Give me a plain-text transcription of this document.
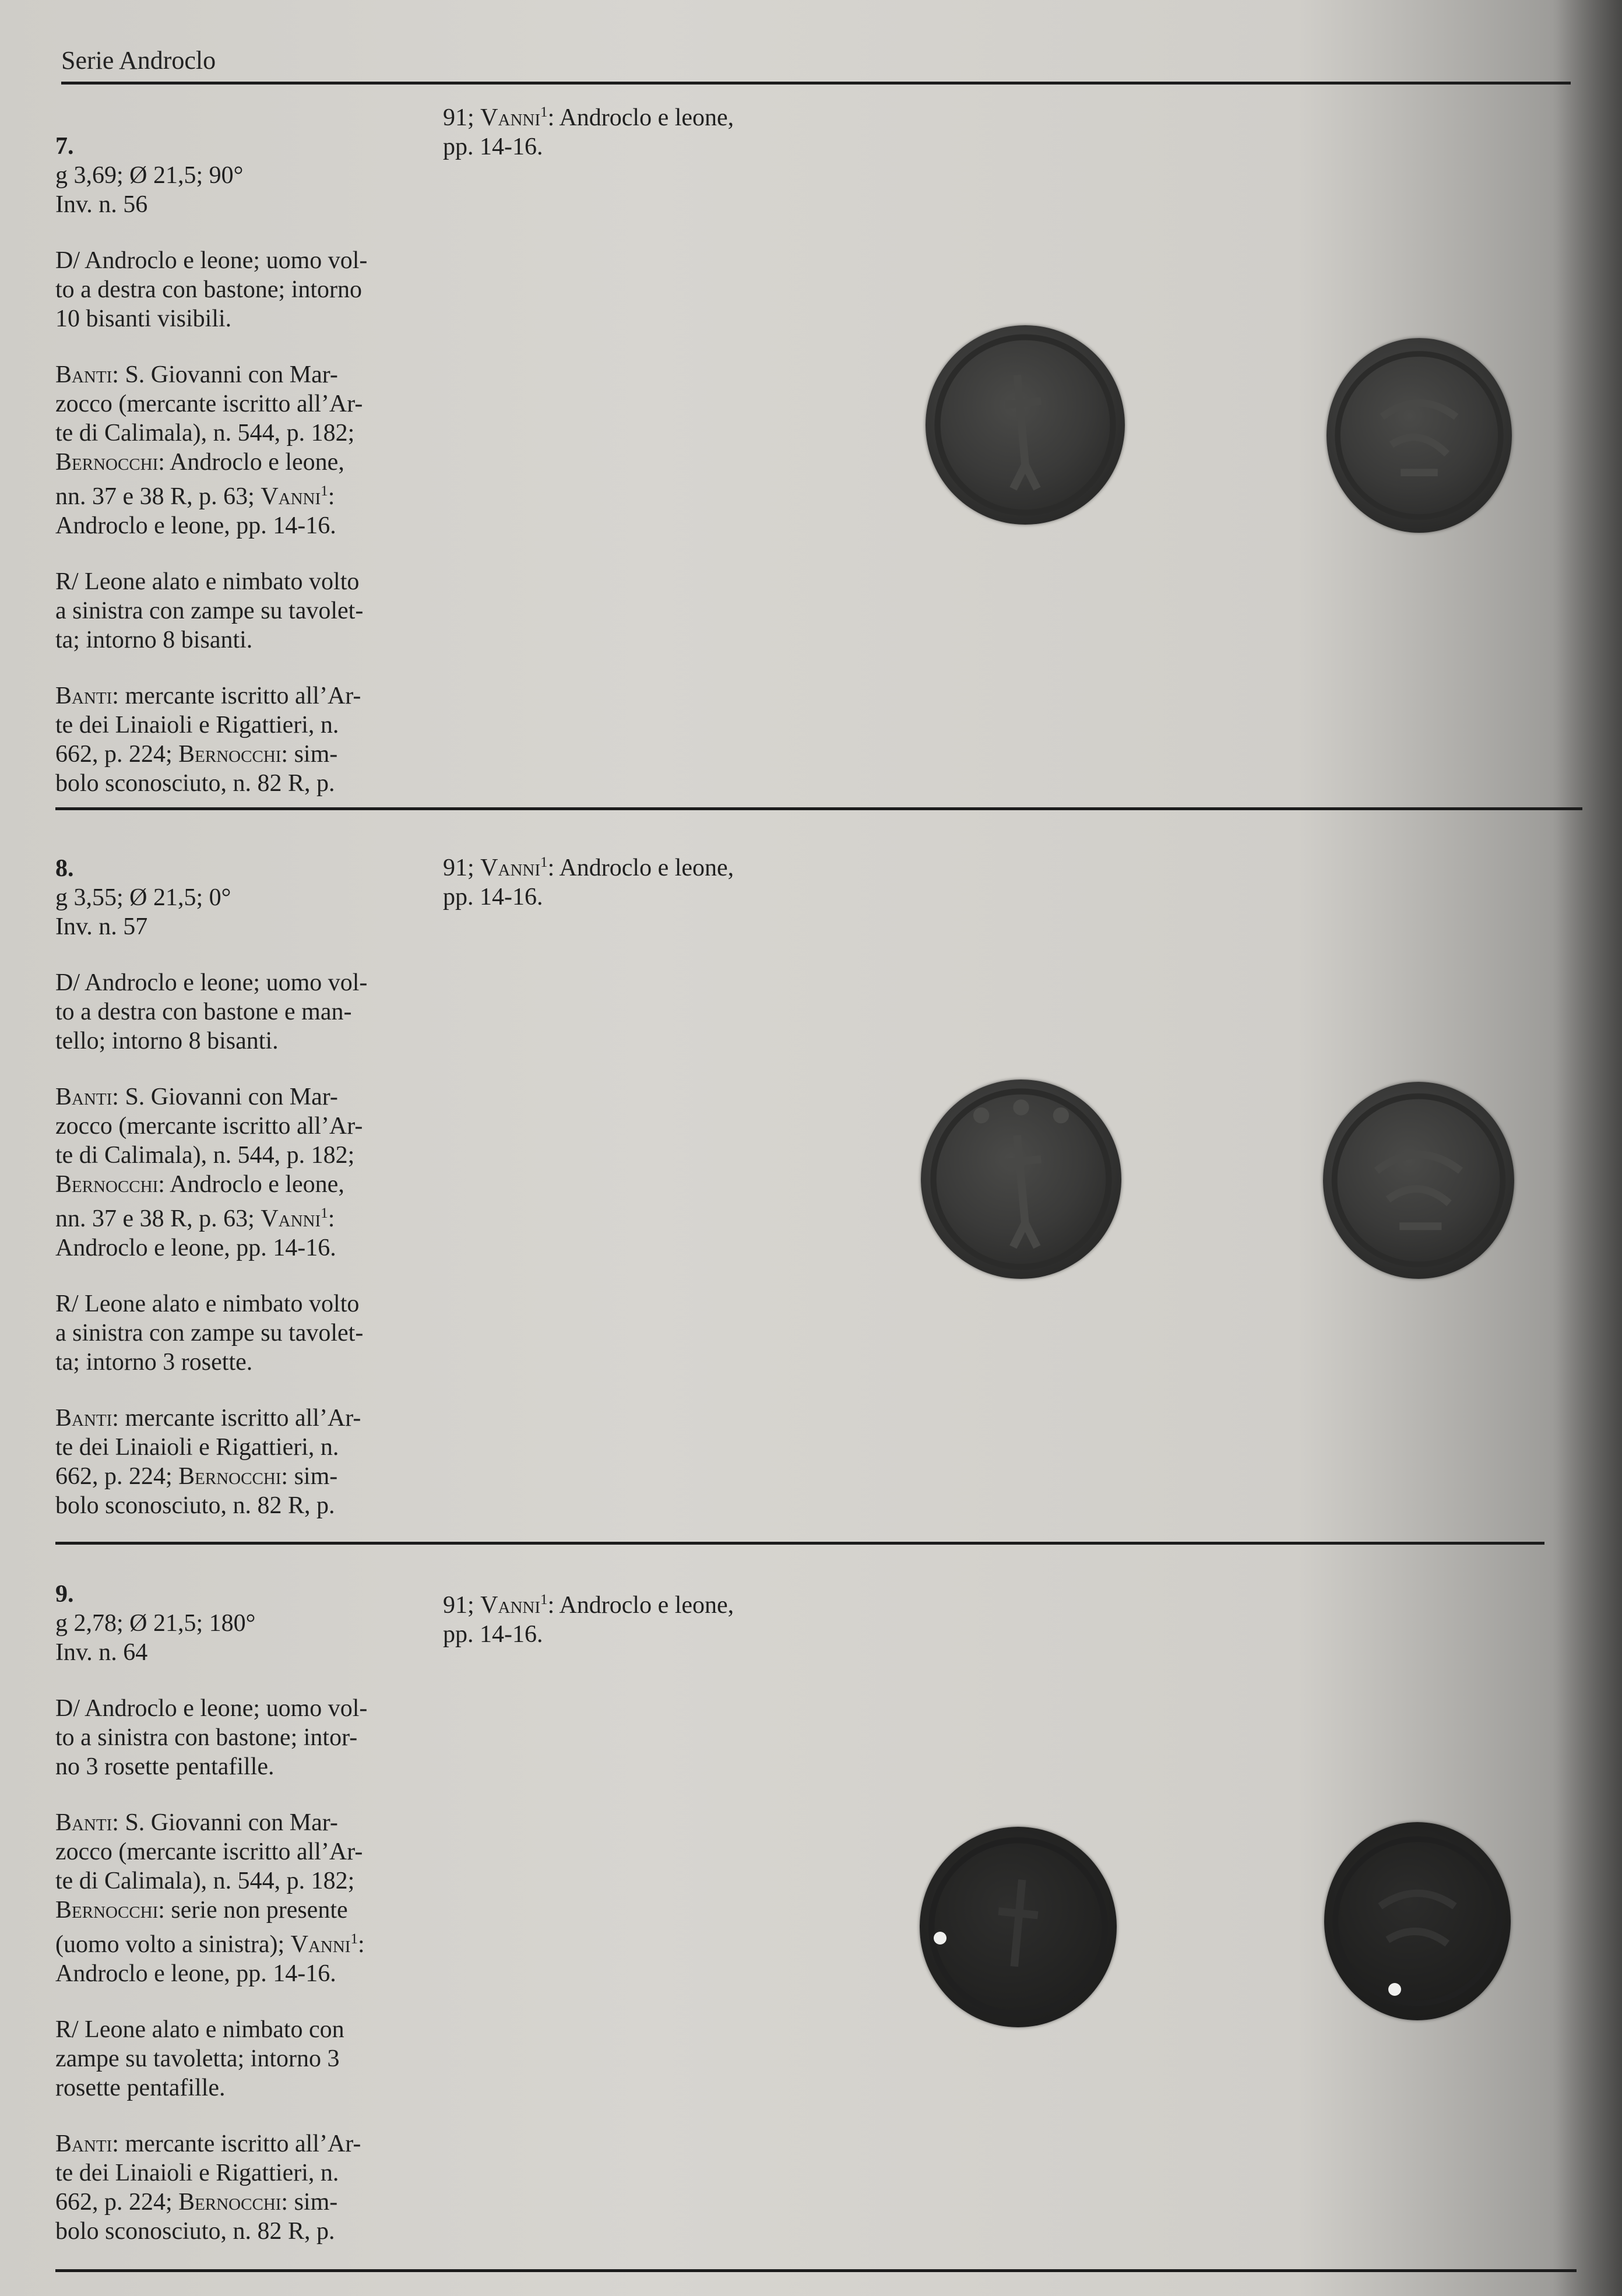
Serie Androclo

7.

g 3,69; Ø 21,5; 90°

Inv. n. 56

D/ Androclo e leone; uomo vol-

to a destra con bastone; intorno

10 bisanti visibili.

Banti: S. Giovanni con Mar-

zocco (mercante iscritto all’Ar-

te di Calimala), n. 544, p. 182;

Bernocchi: Androclo e leone,

nn. 37 e 38 R, p. 63; Vanni$^1$:

Androclo e leone, pp. 14-16.

R/ Leone alato e nimbato volto

a sinistra con zampe su tavolet-

ta; intorno 8 bisanti.

Banti: mercante iscritto all’Ar-

te dei Linaioli e Rigattieri, n.

662, p. 224; Bernocchi: sim-

bolo sconosciuto, n. 82 R, p.

91; Vanni$^1$: Androclo e leone,

pp. 14-16.

8.

g 3,55; Ø 21,5; 0°

Inv. n. 57

D/ Androclo e leone; uomo vol-

to a destra con bastone e man-

tello; intorno 8 bisanti.

Banti: S. Giovanni con Mar-

zocco (mercante iscritto all’Ar-

te di Calimala), n. 544, p. 182;

Bernocchi: Androclo e leone,

nn. 37 e 38 R, p. 63; Vanni$^1$:

Androclo e leone, pp. 14-16.

R/ Leone alato e nimbato volto

a sinistra con zampe su tavolet-

ta; intorno 3 rosette.

Banti: mercante iscritto all’Ar-

te dei Linaioli e Rigattieri, n.

662, p. 224; Bernocchi: sim-

bolo sconosciuto, n. 82 R, p.

91; Vanni$^1$: Androclo e leone,

pp. 14-16.

9.

g 2,78; Ø 21,5; 180°

Inv. n. 64

D/ Androclo e leone; uomo vol-

to a sinistra con bastone; intor-

no 3 rosette pentafille.

Banti: S. Giovanni con Mar-

zocco (mercante iscritto all’Ar-

te di Calimala), n. 544, p. 182;

Bernocchi: serie non presente

(uomo volto a sinistra); Vanni$^1$:

Androclo e leone, pp. 14-16.

R/ Leone alato e nimbato con

zampe su tavoletta; intorno 3

rosette pentafille.

Banti: mercante iscritto all’Ar-

te dei Linaioli e Rigattieri, n.

662, p. 224; Bernocchi: sim-

bolo sconosciuto, n. 82 R, p.

91; Vanni$^1$: Androclo e leone,

pp. 14-16.
